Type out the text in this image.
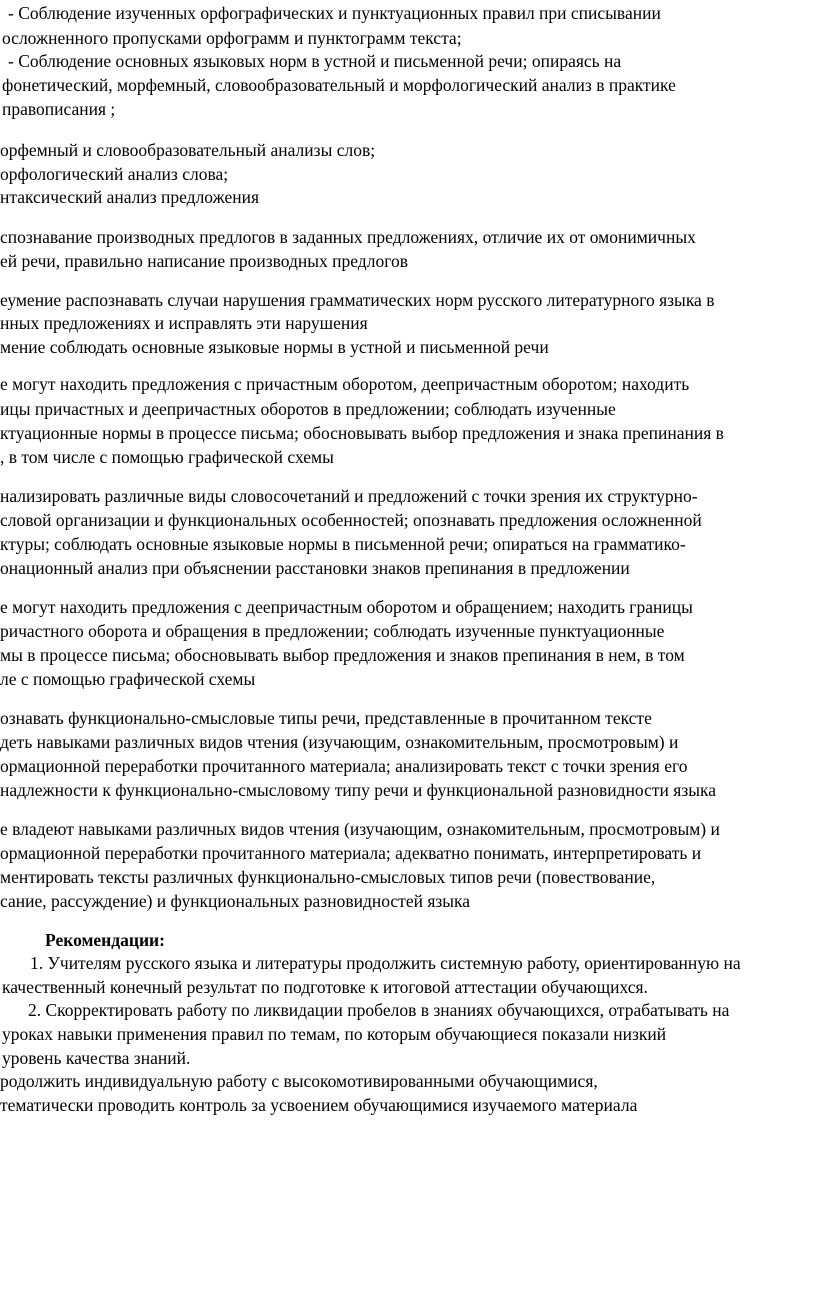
- Соблюдение изученных орфографических и пунктуационных правил при списывании
осложненного пропусками орфограмм и пунктограмм текста;
- Соблюдение основных языковых норм в устной и письменной речи; опираясь на
фонетический, морфемный, словообразовательный и морфологический анализ в практике
правописания ;
орфемный и словообразовательный анализы слов;
орфологический анализ слова;
нтаксический анализ предложения
спознавание производных предлогов в заданных предложениях, отличие их от омонимичных
ей речи, правильно написание производных предлогов
еумение распознавать случаи нарушения грамматических норм русского литературного языка в
нных предложениях и исправлять эти нарушения
мение соблюдать основные языковые нормы в устной и письменной речи
е могут находить предложения с причастным оборотом, деепричастным оборотом; находить
ицы причастных и деепричастных оборотов в предложении; соблюдать изученные
ктуационные нормы в процессе письма; обосновывать выбор предложения и знака препинания в
, в том числе с помощью графической схемы
нализировать различные виды словосочетаний и предложений с точки зрения их структурно-
словой организации и функциональных особенностей; опознавать предложения осложненной
ктуры; соблюдать основные языковые нормы в письменной речи; опираться на грамматико-
онационный анализ при объяснении расстановки знаков препинания в предложении
е могут находить предложения с деепричастным оборотом и обращением; находить границы
ричастного оборота и обращения в предложении; соблюдать изученные пунктуационные
мы в процессе письма; обосновывать выбор предложения и знаков препинания в нем, в том
ле с помощью графической схемы
ознавать функционально-смысловые типы речи, представленные в прочитанном тексте
деть навыками различных видов чтения (изучающим, ознакомительным, просмотровым) и
ормационной переработки прочитанного материала; анализировать текст с точки зрения его
надлежности к функционально-смысловому типу речи и функциональной разновидности языка
е владеют навыками различных видов чтения (изучающим, ознакомительным, просмотровым) и
ормационной переработки прочитанного материала; адекватно понимать, интерпретировать и
ментировать тексты различных функционально-смысловых типов речи (повествование,
сание, рассуждение) и функциональных разновидностей языка
Рекомендации:
1. Учителям русского языка и литературы продолжить системную работу, ориентированную на
качественный конечный результат по подготовке к итоговой аттестации обучающихся.
2. Скорректировать работу по ликвидации пробелов в знаниях обучающихся, отрабатывать на
уроках навыки применения правил по темам, по которым обучающиеся показали низкий
уровень качества знаний.
родолжить индивидуальную работу с высокомотивированными обучающимися,
тематически проводить контроль за усвоением обучающимися изучаемого материала
